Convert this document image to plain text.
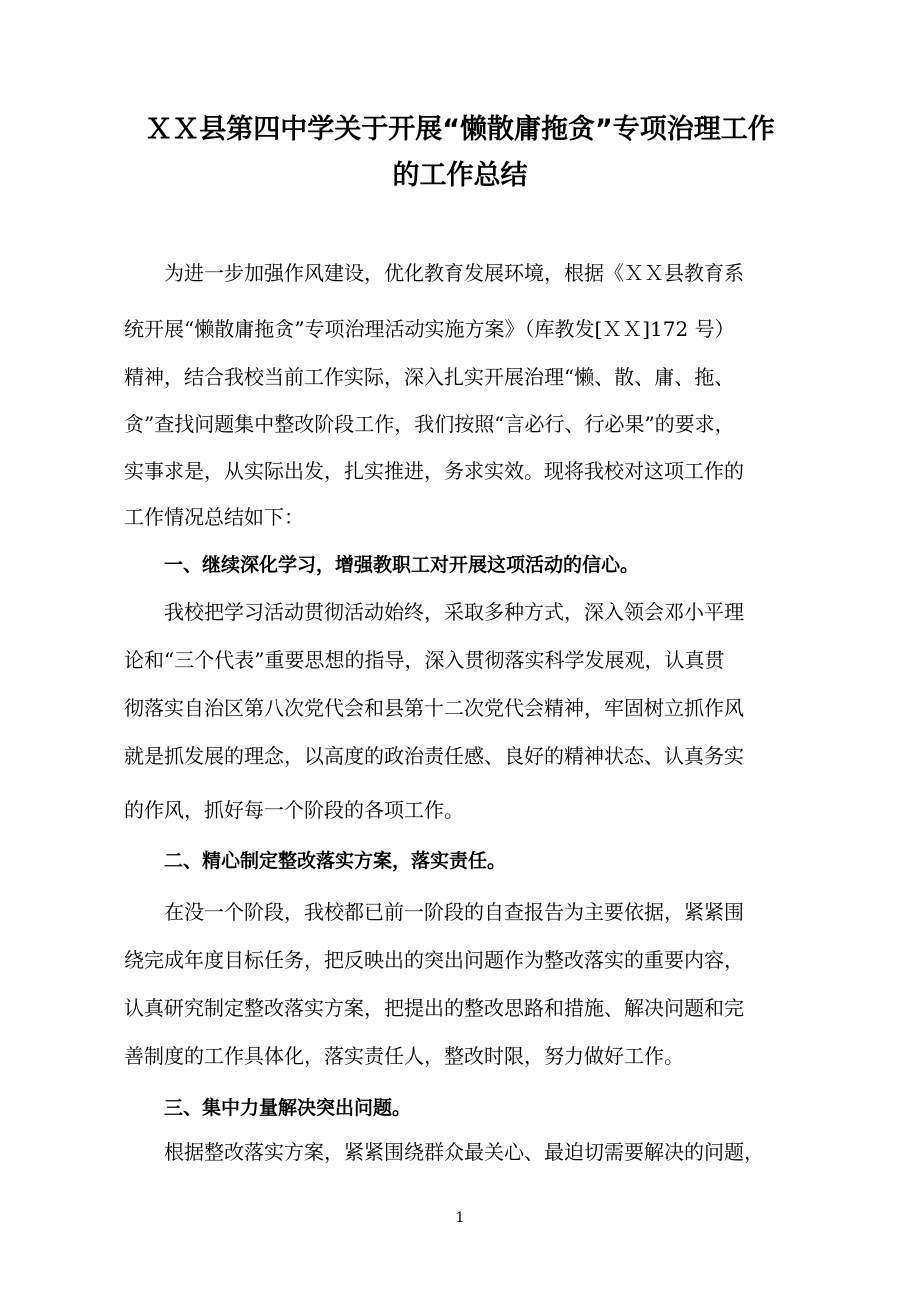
ＸＸ县第四中学关于开展“懒散庸拖贪”专项治理工作
的工作总结
为进一步加强作风建设，优化教育发展环境，根据《ＸＸ县教育系
统开展“懒散庸拖贪”专项治理活动实施方案》（库教发[ＸＸ]172 号）
精神，结合我校当前工作实际，深入扎实开展治理“懒、散、庸、拖、
贪”查找问题集中整改阶段工作，我们按照“言必行、行必果”的要求，
实事求是，从实际出发，扎实推进，务求实效。现将我校对这项工作的
工作情况总结如下：
一、继续深化学习，增强教职工对开展这项活动的信心。
我校把学习活动贯彻活动始终，采取多种方式，深入领会邓小平理
论和“三个代表”重要思想的指导，深入贯彻落实科学发展观，认真贯
彻落实自治区第八次党代会和县第十二次党代会精神，牢固树立抓作风
就是抓发展的理念，以高度的政治责任感、良好的精神状态、认真务实
的作风，抓好每一个阶段的各项工作。
二、精心制定整改落实方案，落实责任。
在没一个阶段，我校都已前一阶段的自查报告为主要依据，紧紧围
绕完成年度目标任务，把反映出的突出问题作为整改落实的重要内容，
认真研究制定整改落实方案，把提出的整改思路和措施、解决问题和完
善制度的工作具体化，落实责任人，整改时限，努力做好工作。
三、集中力量解决突出问题。
根据整改落实方案，紧紧围绕群众最关心、最迫切需要解决的问题，
1
